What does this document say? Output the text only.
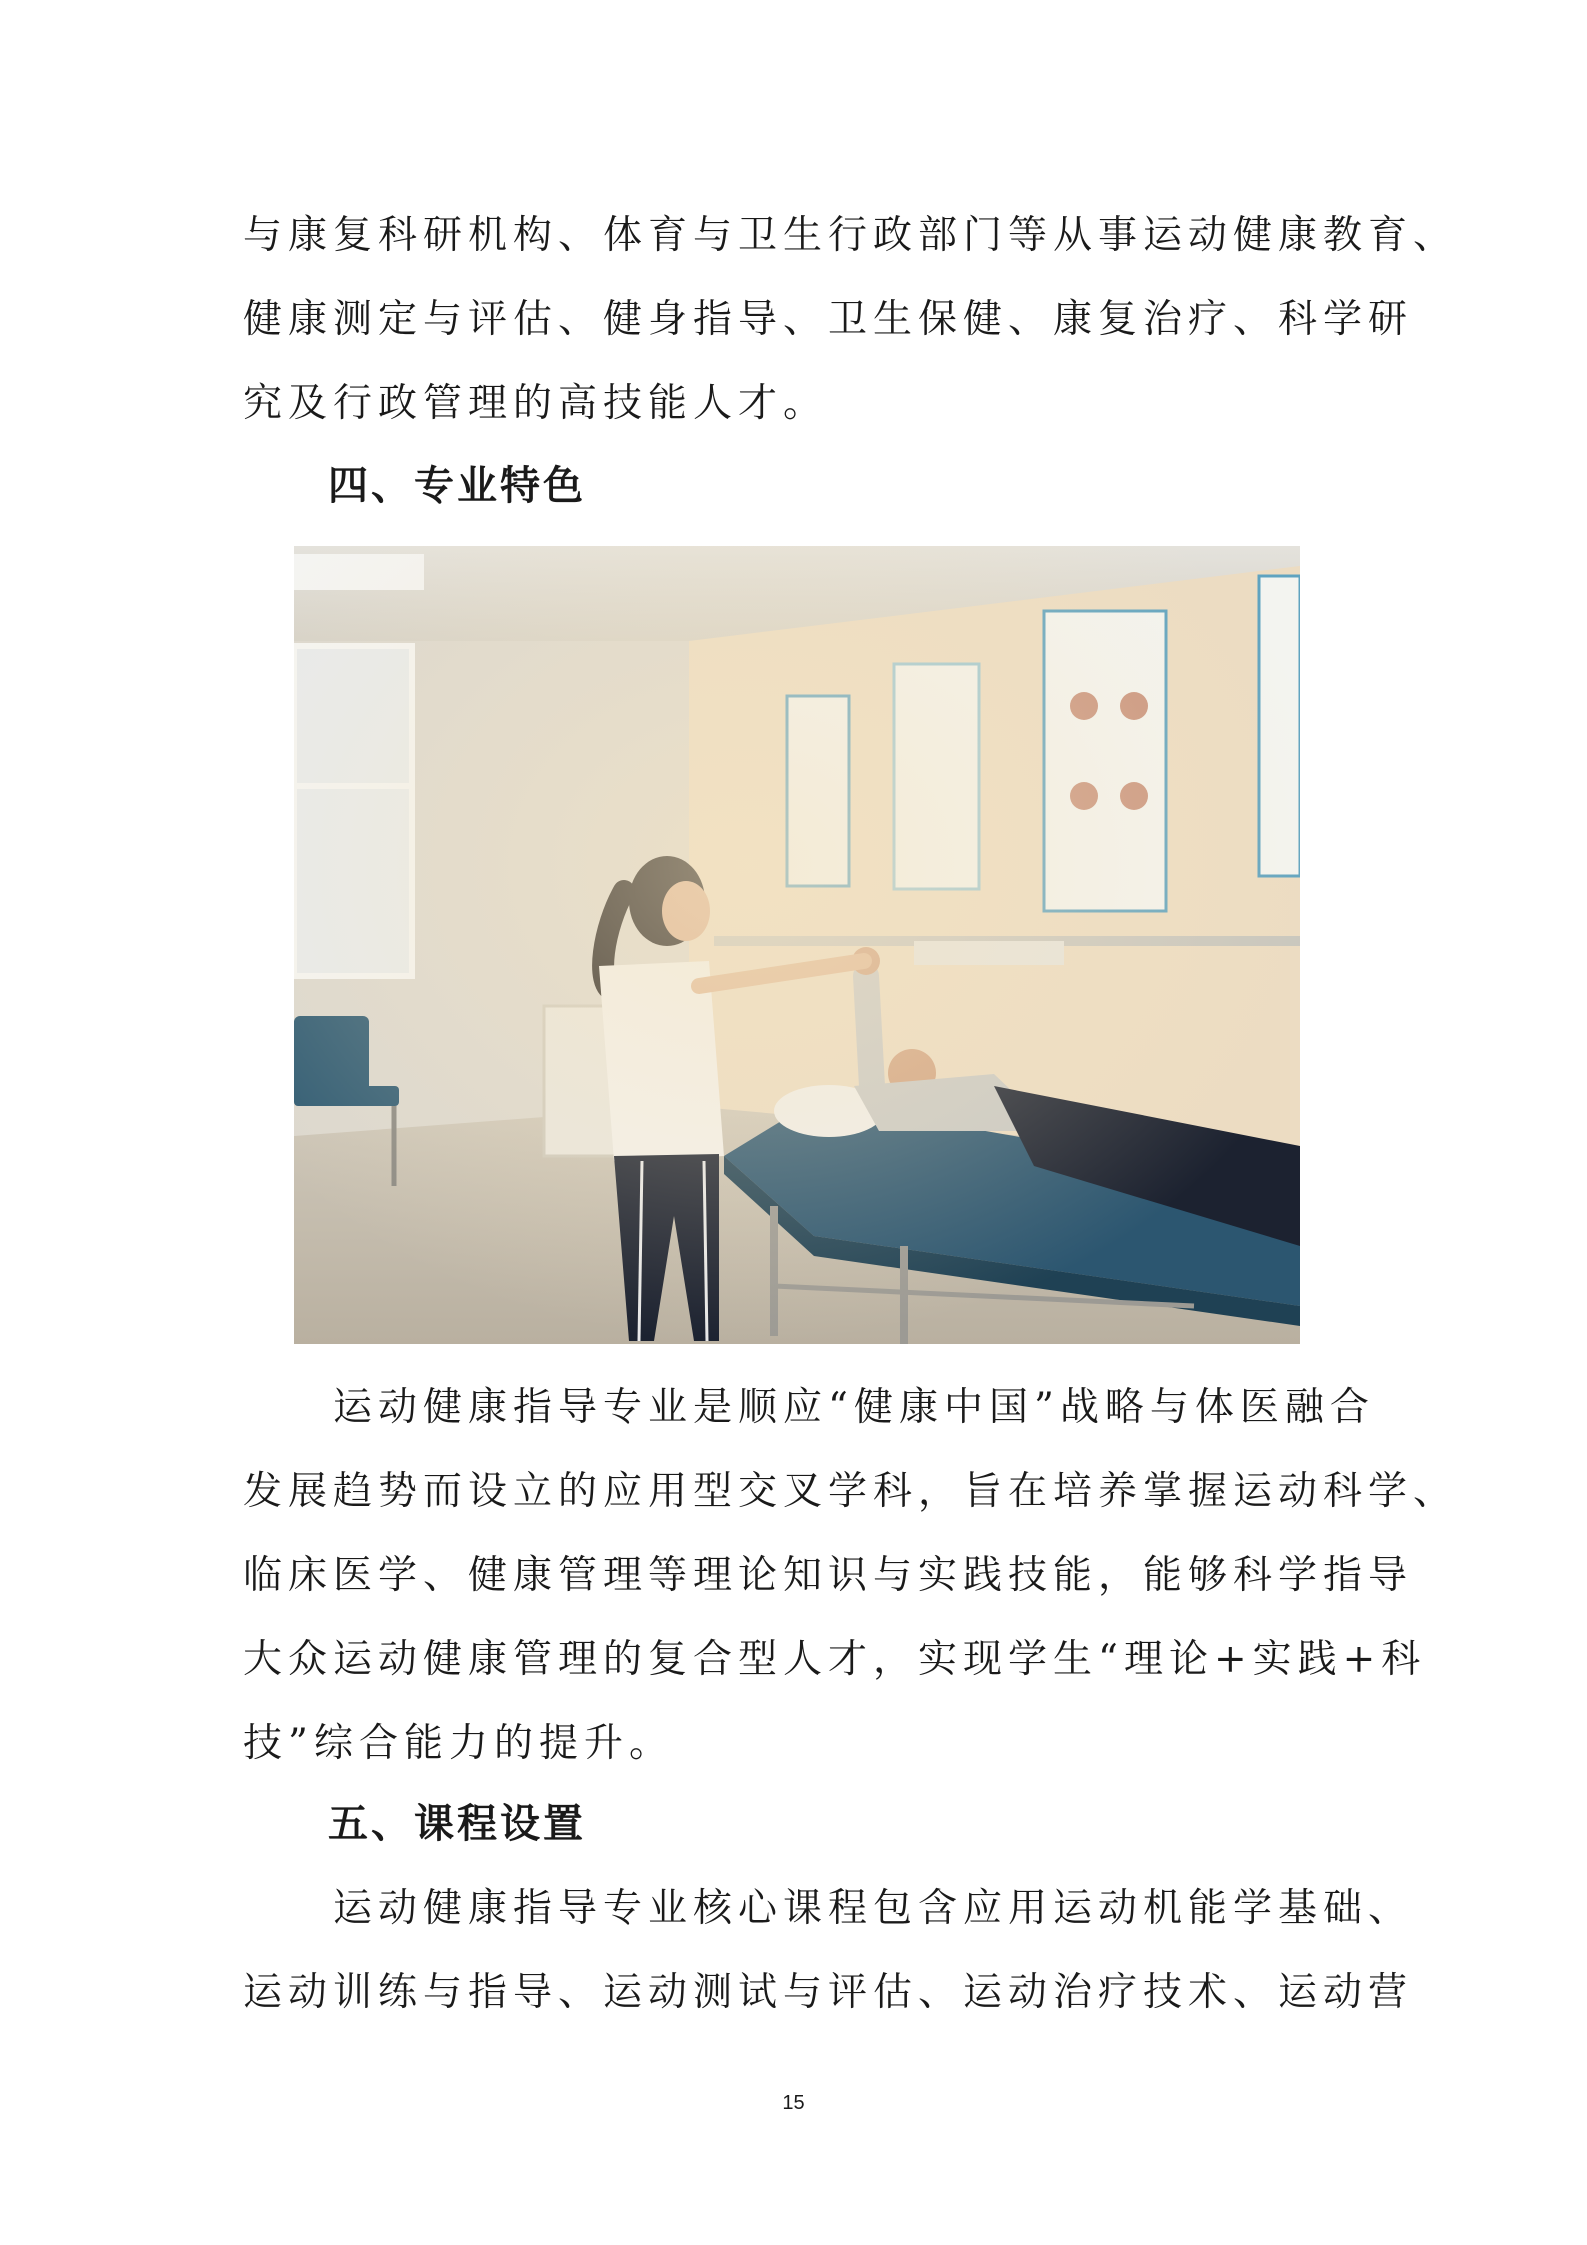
与康复科研机构、体育与卫生行政部门等从事运动健康教育、
健康测定与评估、健身指导、卫生保健、康复治疗、科学研
究及行政管理的高技能人才。
四、专业特色
　　运动健康指导专业是顺应“健康中国”战略与体医融合
发展趋势而设立的应用型交叉学科，旨在培养掌握运动科学、
临床医学、健康管理等理论知识与实践技能，能够科学指导
大众运动健康管理的复合型人才，实现学生“理论+实践+科
技”综合能力的提升。
五、课程设置
　　运动健康指导专业核心课程包含应用运动机能学基础、
运动训练与指导、运动测试与评估、运动治疗技术、运动营
15
